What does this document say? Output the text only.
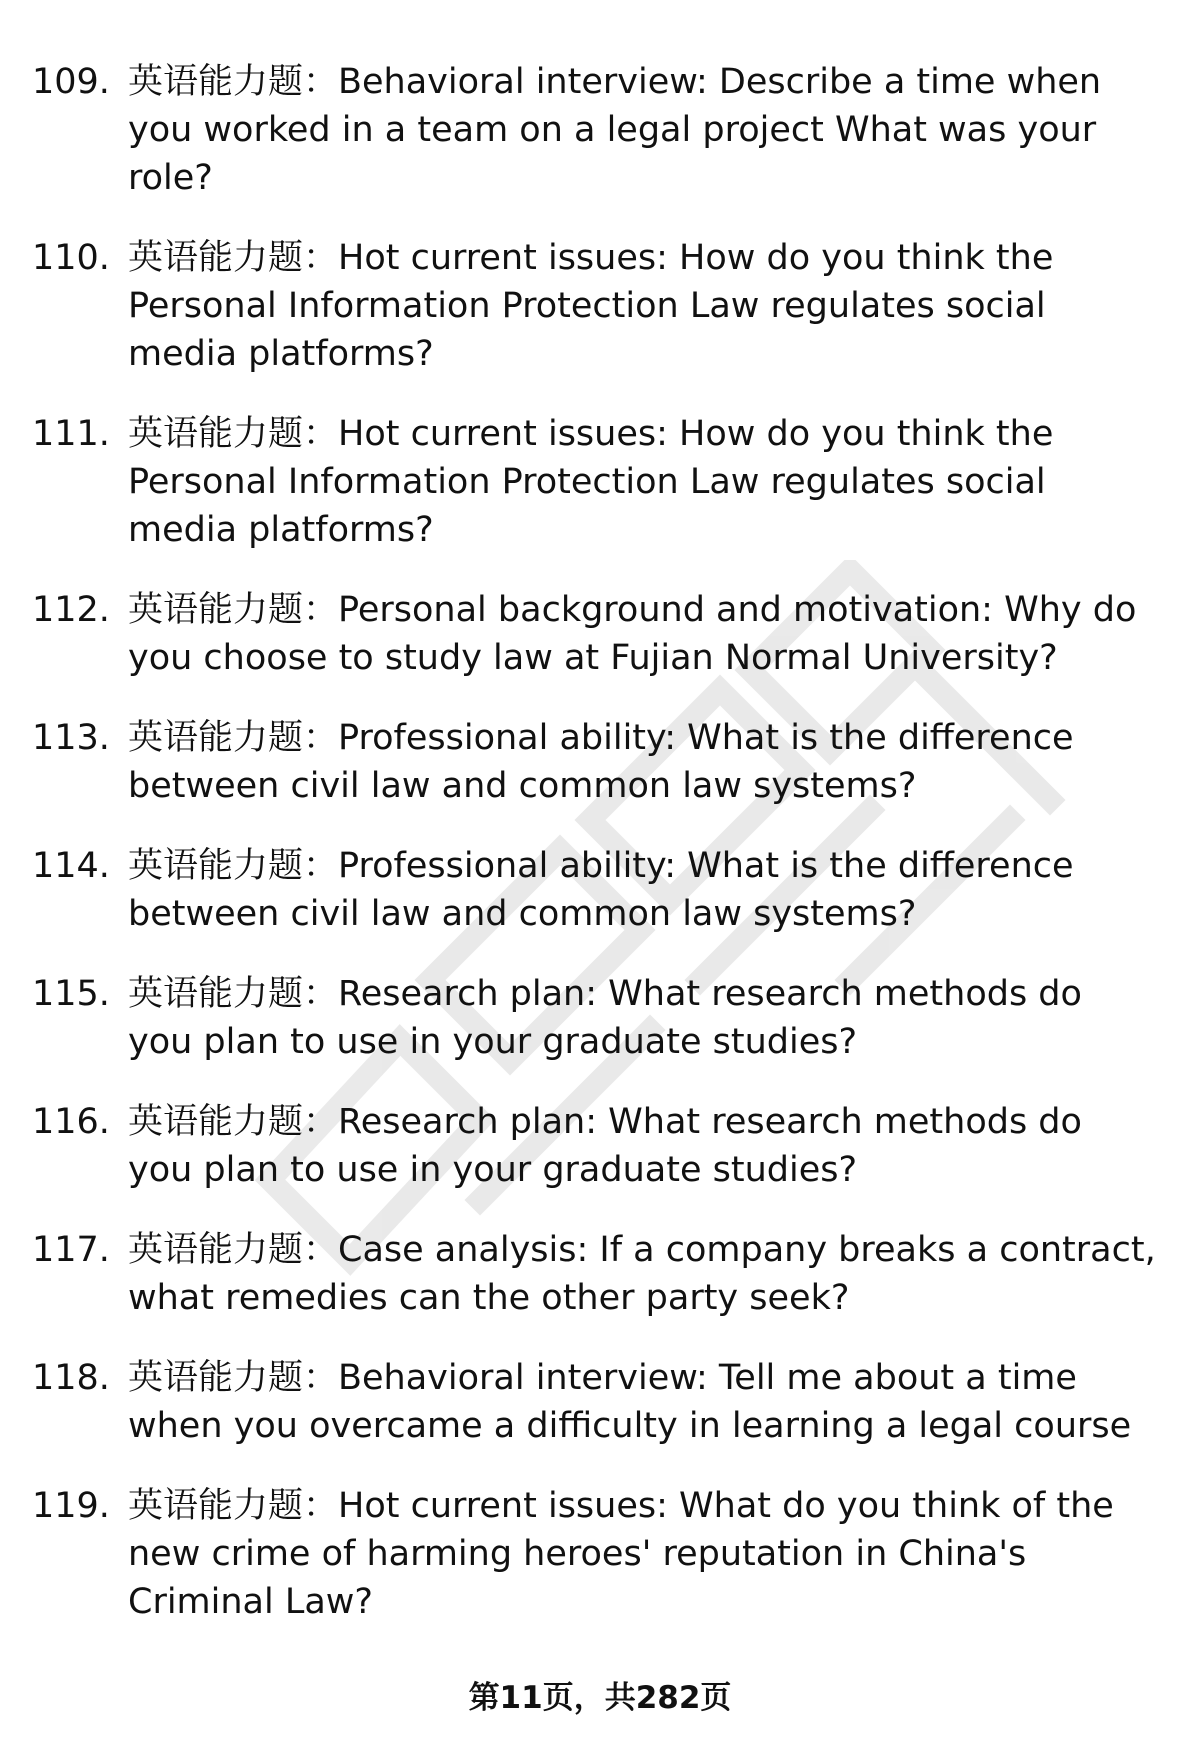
109. 英语能力题：Behavioral interview: Describe a time when you worked in a team on a legal project What was your role?
110. 英语能力题：Hot current issues: How do you think the Personal Information Protection Law regulates social media platforms?
111. 英语能力题：Hot current issues: How do you think the Personal Information Protection Law regulates social media platforms?
112. 英语能力题：Personal background and motivation: Why do you choose to study law at Fujian Normal University?
113. 英语能力题：Professional ability: What is the difference between civil law and common law systems?
114. 英语能力题：Professional ability: What is the difference between civil law and common law systems?
115. 英语能力题：Research plan: What research methods do you plan to use in your graduate studies?
116. 英语能力题：Research plan: What research methods do you plan to use in your graduate studies?
117. 英语能力题：Case analysis: If a company breaks a contract, what remedies can the other party seek?
118. 英语能力题：Behavioral interview: Tell me about a time when you overcame a difficulty in learning a legal course
119. 英语能力题：Hot current issues: What do you think of the new crime of harming heroes' reputation in China's Criminal Law?
第11页，共282页
